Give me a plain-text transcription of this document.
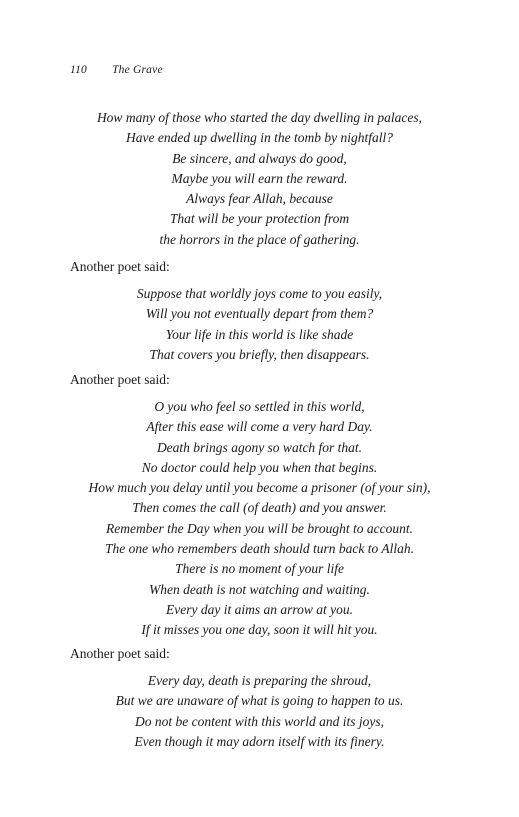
110 The Grave
How many of those who started the day dwelling in palaces,
Have ended up dwelling in the tomb by nightfall?
Be sincere, and always do good,
Maybe you will earn the reward.
Always fear Allah, because
That will be your protection from
the horrors in the place of gathering.
Another poet said:
Suppose that worldly joys come to you easily,
Will you not eventually depart from them?
Your life in this world is like shade
That covers you briefly, then disappears.
Another poet said:
O you who feel so settled in this world,
After this ease will come a very hard Day.
Death brings agony so watch for that.
No doctor could help you when that begins.
How much you delay until you become a prisoner (of your sin),
Then comes the call (of death) and you answer.
Remember the Day when you will be brought to account.
The one who remembers death should turn back to Allah.
There is no moment of your life
When death is not watching and waiting.
Every day it aims an arrow at you.
If it misses you one day, soon it will hit you.
Another poet said:
Every day, death is preparing the shroud,
But we are unaware of what is going to happen to us.
Do not be content with this world and its joys,
Even though it may adorn itself with its finery.
